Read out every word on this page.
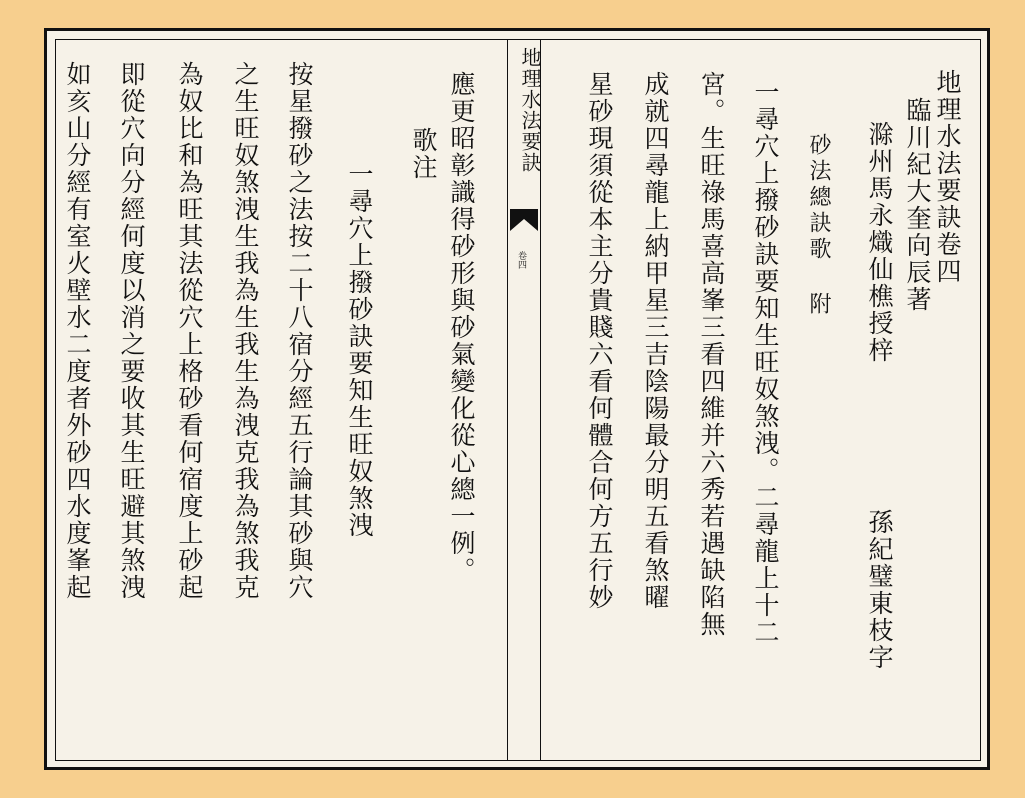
地理水法要訣卷四
臨川紀大奎向辰著
滁州馬永熾仙樵授梓
孫紀璧東枝字
砂法總訣歌 附
一尋穴上撥砂訣要知生旺奴煞洩。二尋龍上十二
宮。生旺祿馬喜高峯三看四維并六秀若遇缺陷無
成就四尋龍上納甲星三吉陰陽最分明五看煞曜
星砂現須從本主分貴賤六看何體合何方五行妙
地理水法要訣
卷四
應更昭彰識得砂形與砂氣變化從心總一例。
歌注
一尋穴上撥砂訣要知生旺奴煞洩
按星撥砂之法按二十八宿分經五行論其砂與穴
之生旺奴煞洩生我為生我生為洩克我為煞我克
為奴比和為旺其法從穴上格砂看何宿度上砂起
即從穴向分經何度以消之要收其生旺避其煞洩
如亥山分經有室火壁水二度者外砂四水度峯起
